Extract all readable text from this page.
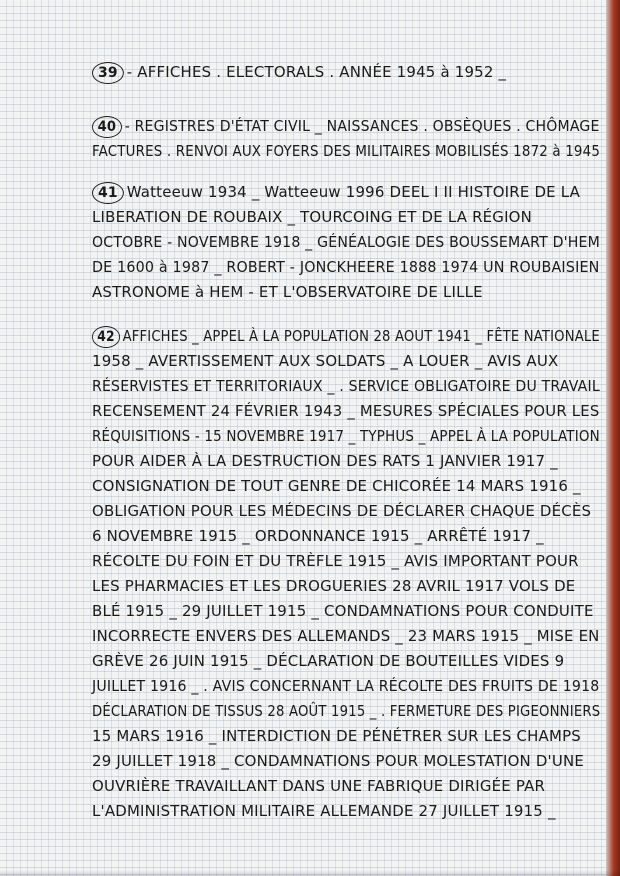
39 - AFFICHES . ELECTORALS . ANNÉE 1945 à 1952 _
40 - REGISTRES D'ÉTAT CIVIL _ NAISSANCES . OBSÈQUES . CHÔMAGE
FACTURES . RENVOI AUX FOYERS DES MILITAIRES MOBILISÉS 1872 à 1945
41 Watteeuw 1934 _ Watteeuw 1996 DEEL I II HISTOIRE DE LA
LIBERATION DE ROUBAIX _ TOURCOING ET DE LA RÉGION
OCTOBRE - NOVEMBRE 1918 _ GÉNÉALOGIE DES BOUSSEMART D'HEM
DE 1600 à 1987 _ ROBERT - JONCKHEERE 1888 1974 UN ROUBAISIEN
ASTRONOME à HEM - ET L'OBSERVATOIRE DE LILLE
42 AFFICHES _ APPEL À LA POPULATION 28 AOUT 1941 _ FÊTE NATIONALE
1958 _ AVERTISSEMENT AUX SOLDATS _ A LOUER _ AVIS AUX
RÉSERVISTES ET TERRITORIAUX _ . SERVICE OBLIGATOIRE DU TRAVAIL
RECENSEMENT 24 FÉVRIER 1943 _ MESURES SPÉCIALES POUR LES
RÉQUISITIONS - 15 NOVEMBRE 1917 _ TYPHUS _ APPEL À LA POPULATION
POUR AIDER À LA DESTRUCTION DES RATS 1 JANVIER 1917 _
CONSIGNATION DE TOUT GENRE DE CHICORÉE 14 MARS 1916 _
OBLIGATION POUR LES MÉDECINS DE DÉCLARER CHAQUE DÉCÈS
6 NOVEMBRE 1915 _ ORDONNANCE 1915 _ ARRÊTÉ 1917 _
RÉCOLTE DU FOIN ET DU TRÈFLE 1915 _ AVIS IMPORTANT POUR
LES PHARMACIES ET LES DROGUERIES 28 AVRIL 1917 VOLS DE
BLÉ 1915 _ 29 JUILLET 1915 _ CONDAMNATIONS POUR CONDUITE
INCORRECTE ENVERS DES ALLEMANDS _ 23 MARS 1915 _ MISE EN
GRÈVE 26 JUIN 1915 _ DÉCLARATION DE BOUTEILLES VIDES 9
JUILLET 1916 _ . AVIS CONCERNANT LA RÉCOLTE DES FRUITS DE 1918
DÉCLARATION DE TISSUS 28 AOÛT 1915 _ . FERMETURE DES PIGEONNIERS
15 MARS 1916 _ INTERDICTION DE PÉNÉTRER SUR LES CHAMPS
29 JUILLET 1918 _ CONDAMNATIONS POUR MOLESTATION D'UNE
OUVRIÈRE TRAVAILLANT DANS UNE FABRIQUE DIRIGÉE PAR
L'ADMINISTRATION MILITAIRE ALLEMANDE 27 JUILLET 1915 _
